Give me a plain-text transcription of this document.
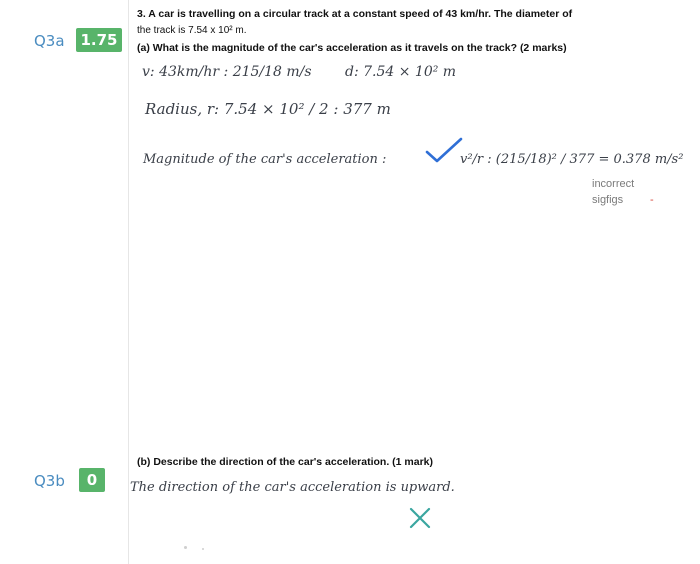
Q3a 1.75
3. A car is travelling on a circular track at a constant speed of 43 km/hr. The diameter of
the track is 7.54 x 10² m.
(a) What is the magnitude of the car's acceleration as it travels on the track? (2 marks)
v: 43km/hr : 215/18 m/s d: 7.54 × 10² m
Radius, r: 7.54 × 10² / 2 : 377 m
Magnitude of the car's acceleration :	v²/r : (215/18)² / 377 = 0.378 m/s²
incorrect
sigfigs -
(b) Describe the direction of the car's acceleration. (1 mark)
Q3b	0	The direction of the car's acceleration is upward.
